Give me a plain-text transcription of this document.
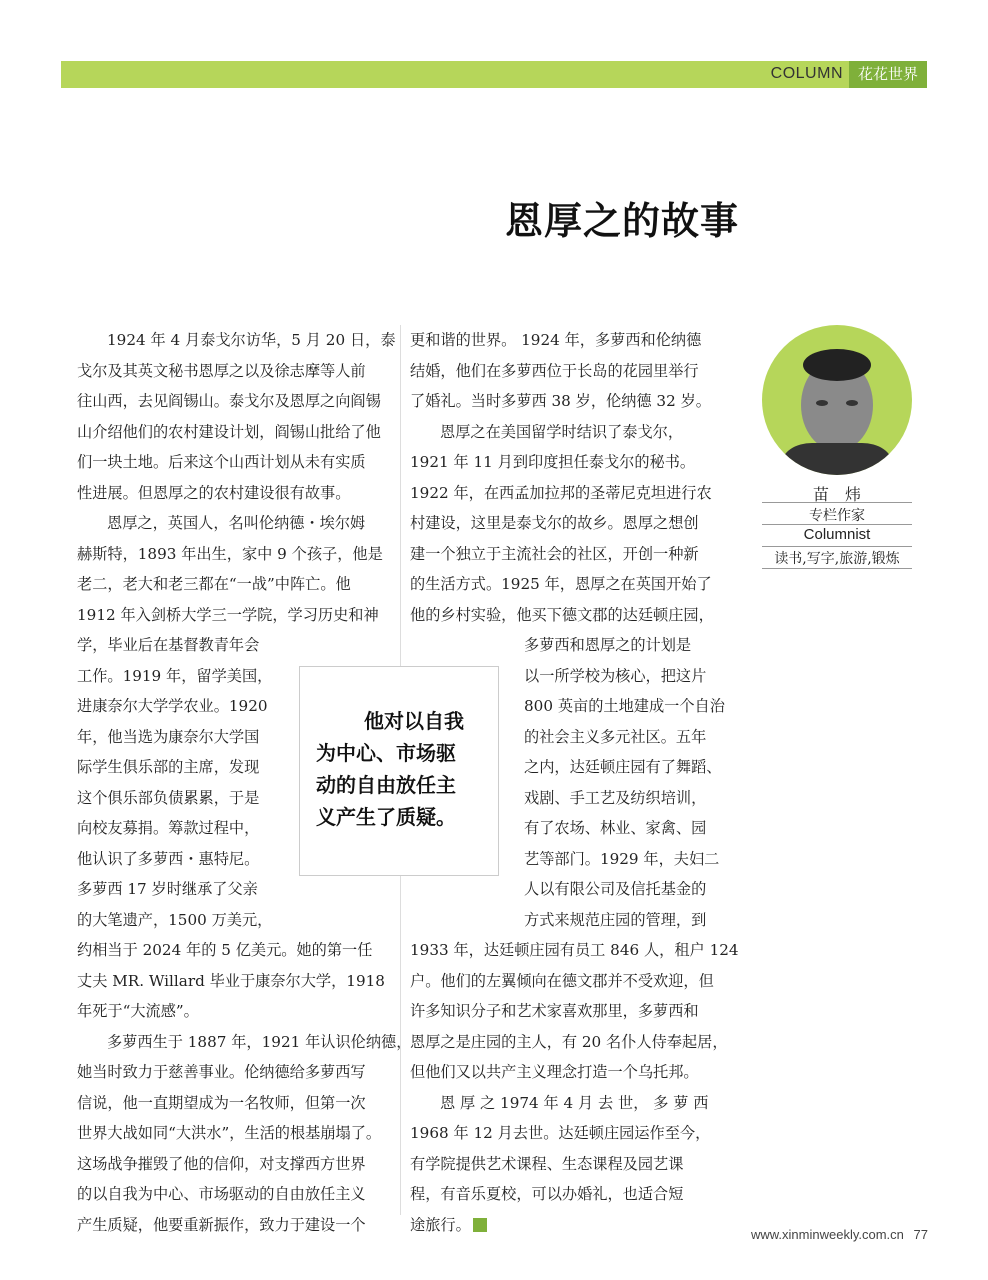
COLUMN 花花世界
恩厚之的故事
1924 年 4 月泰戈尔访华，5 月 20 日，泰
戈尔及其英文秘书恩厚之以及徐志摩等人前
往山西，去见阎锡山。泰戈尔及恩厚之向阎锡
山介绍他们的农村建设计划，阎锡山批给了他
们一块土地。后来这个山西计划从未有实质
性进展。但恩厚之的农村建设很有故事。
恩厚之，英国人，名叫伦纳德・埃尔姆
赫斯特，1893 年出生，家中 9 个孩子，他是
老二，老大和老三都在“一战”中阵亡。他
1912 年入剑桥大学三一学院，学习历史和神
学，毕业后在基督教青年会
工作。1919 年，留学美国，
进康奈尔大学学农业。1920
年，他当选为康奈尔大学国
际学生俱乐部的主席，发现
这个俱乐部负债累累，于是
向校友募捐。筹款过程中，
他认识了多萝西・惠特尼。
多萝西 17 岁时继承了父亲
的大笔遗产，1500 万美元，
约相当于 2024 年的 5 亿美元。她的第一任
丈夫 MR. Willard 毕业于康奈尔大学，1918
年死于“大流感”。
多萝西生于 1887 年，1921 年认识伦纳德，
她当时致力于慈善事业。伦纳德给多萝西写
信说，他一直期望成为一名牧师，但第一次
世界大战如同“大洪水”，生活的根基崩塌了。
这场战争摧毁了他的信仰，对支撑西方世界
的以自我为中心、市场驱动的自由放任主义
产生质疑，他要重新振作，致力于建设一个
更和谐的世界。 1924 年，多萝西和伦纳德
结婚，他们在多萝西位于长岛的花园里举行
了婚礼。当时多萝西 38 岁，伦纳德 32 岁。
恩厚之在美国留学时结识了泰戈尔，
1921 年 11 月到印度担任泰戈尔的秘书。
1922 年，在西孟加拉邦的圣蒂尼克坦进行农
村建设，这里是泰戈尔的故乡。恩厚之想创
建一个独立于主流社会的社区，开创一种新
的生活方式。1925 年，恩厚之在英国开始了
他的乡村实验，他买下德文郡的达廷顿庄园，
多萝西和恩厚之的计划是
以一所学校为核心，把这片
800 英亩的土地建成一个自治
的社会主义多元社区。五年
之内，达廷顿庄园有了舞蹈、
戏剧、手工艺及纺织培训，
有了农场、林业、家禽、园
艺等部门。1929 年，夫妇二
人以有限公司及信托基金的
方式来规范庄园的管理，到
1933 年，达廷顿庄园有员工 846 人，租户 124
户。他们的左翼倾向在德文郡并不受欢迎，但
许多知识分子和艺术家喜欢那里，多萝西和
恩厚之是庄园的主人，有 20 名仆人侍奉起居，
但他们又以共产主义理念打造一个乌托邦。
恩 厚 之 1974 年 4 月 去 世， 多 萝 西
1968 年 12 月去世。达廷顿庄园运作至今，
有学院提供艺术课程、生态课程及园艺课
程，有音乐夏校，可以办婚礼，也适合短
途旅行。
他对以自我
为中心、市场驱
动的自由放任主
义产生了质疑。
苗　炜
专栏作家
Columnist
读书,写字,旅游,锻炼
www.xinminweekly.com.cn 77
